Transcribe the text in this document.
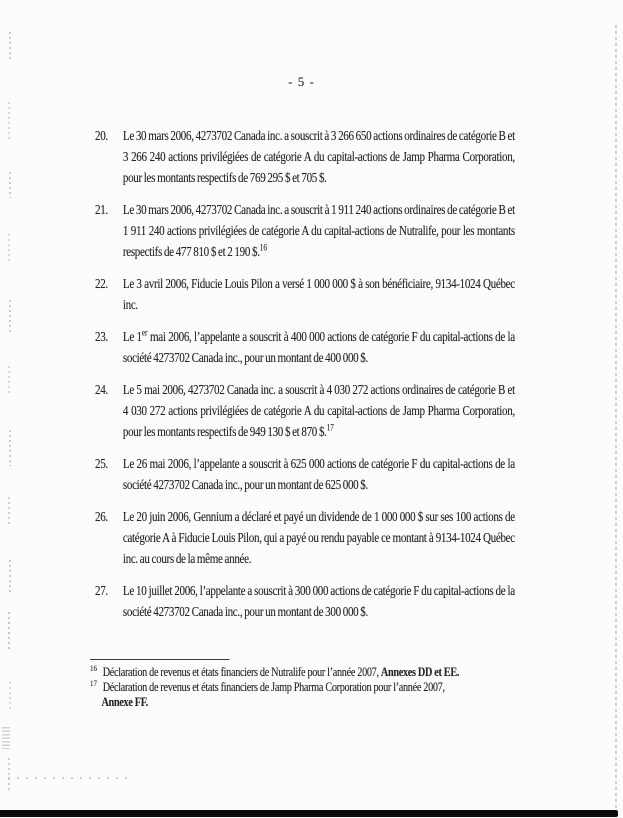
- 5 -
20.	Le 30 mars 2006, 4273702 Canada inc. a souscrit à 3 266 650 actions ordinaires de catégorie B et 3 266 240 actions privilégiées de catégorie A du capital-actions de Jamp Pharma Corporation, pour les montants respectifs de 769 295 $ et 705 $.
21.	Le 30 mars 2006, 4273702 Canada inc. a souscrit à 1 911 240 actions ordinaires de catégorie B et 1 911 240 actions privilégiées de catégorie A du capital-actions de Nutralife, pour les montants respectifs de 477 810 $ et 2 190 $.$^{16}$
22.	Le 3 avril 2006, Fiducie Louis Pilon a versé 1 000 000 $ à son bénéficiaire, 9134-1024 Québec inc.
23.	Le 1er mai 2006, l’appelante a souscrit à 400 000 actions de catégorie F du capital-actions de la société 4273702 Canada inc., pour un montant de 400 000 $.
24.	Le 5 mai 2006, 4273702 Canada inc. a souscrit à 4 030 272 actions ordinaires de catégorie B et 4 030 272 actions privilégiées de catégorie A du capital-actions de Jamp Pharma Corporation, pour les montants respectifs de 949 130 $ et 870 $.$^{17}$
25.	Le 26 mai 2006, l’appelante a souscrit à 625 000 actions de catégorie F du capital-actions de la société 4273702 Canada inc., pour un montant de 625 000 $.
26.	Le 20 juin 2006, Gennium a déclaré et payé un dividende de 1 000 000 $ sur ses 100 actions de catégorie A à Fiducie Louis Pilon, qui a payé ou rendu payable ce montant à 9134-1024 Québec inc. au cours de la même année.
27.	Le 10 juillet 2006, l’appelante a souscrit à 300 000 actions de catégorie F du capital-actions de la société 4273702 Canada inc., pour un montant de 300 000 $.
$^{16}$ Déclaration de revenus et états financiers de Nutralife pour l’année 2007, Annexes DD et EE.
$^{17}$ Déclaration de revenus et états financiers de Jamp Pharma Corporation pour l’année 2007,
Annexe FF.
